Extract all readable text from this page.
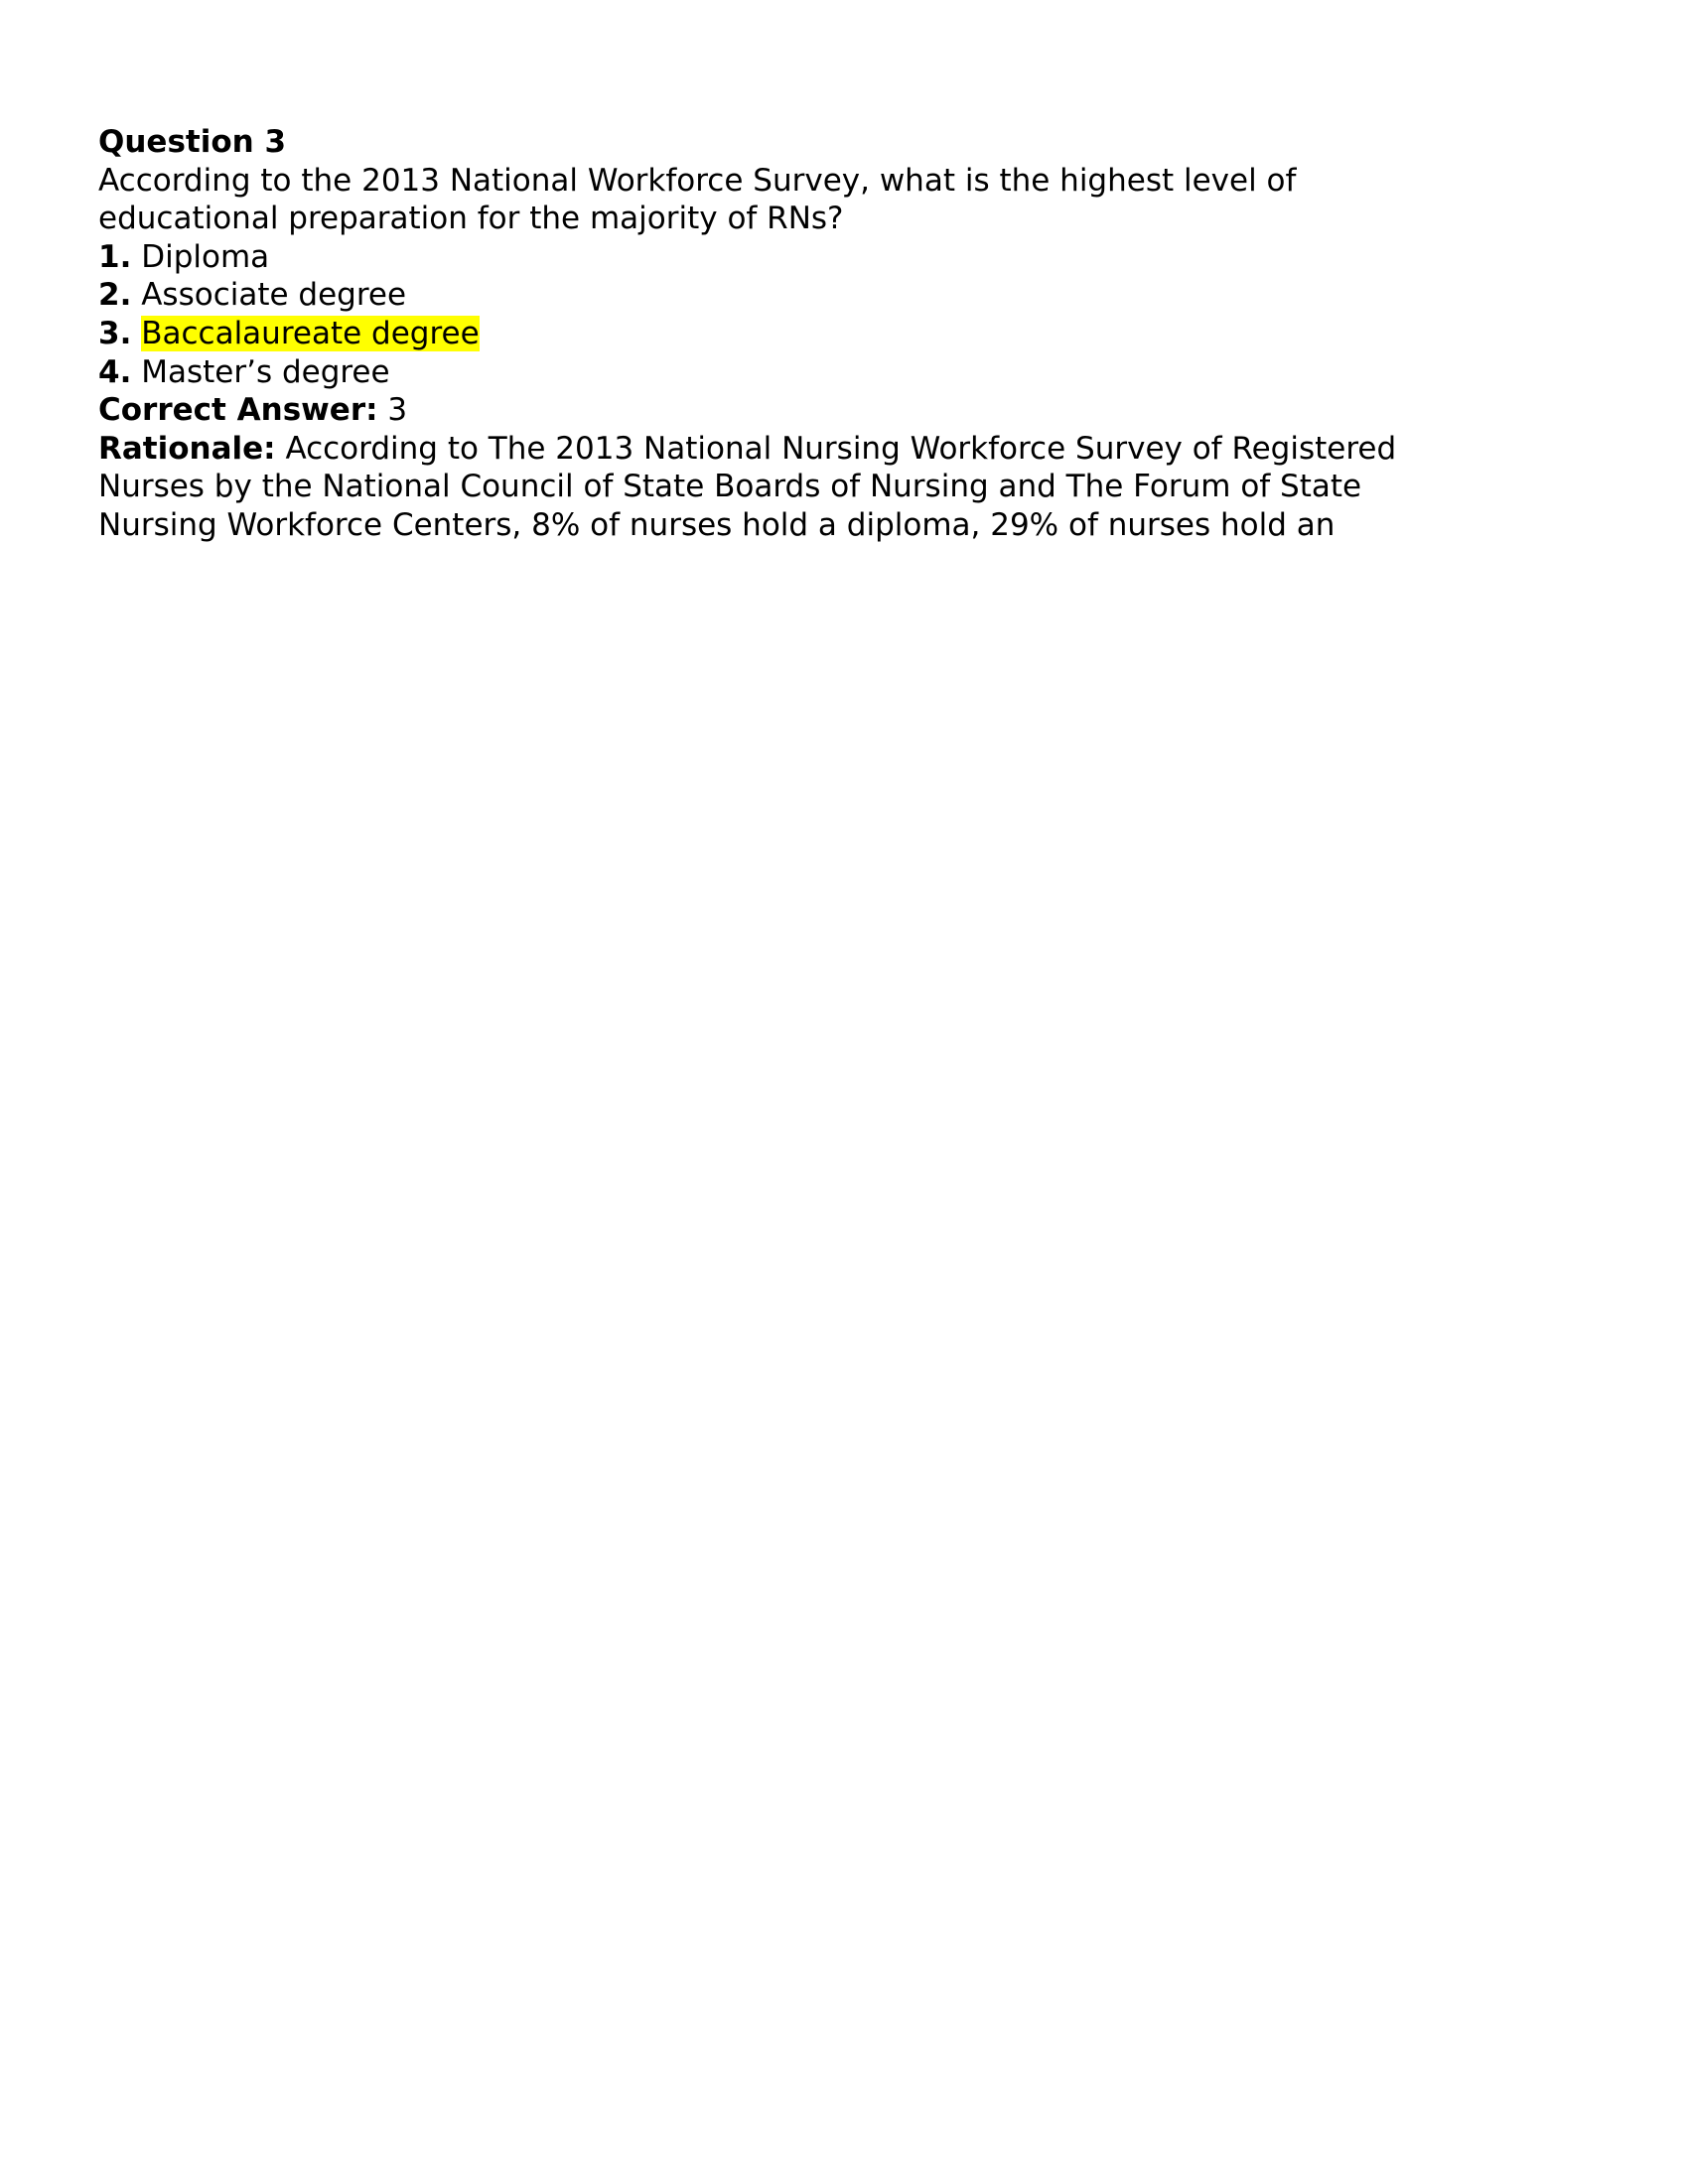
Question 3
According to the 2013 National Workforce Survey, what is the highest level of
educational preparation for the majority of RNs?
1. Diploma
2. Associate degree
3. Baccalaureate degree
4. Master’s degree
Correct Answer: 3
Rationale: According to The 2013 National Nursing Workforce Survey of Registered
Nurses by the National Council of State Boards of Nursing and The Forum of State
Nursing Workforce Centers, 8% of nurses hold a diploma, 29% of nurses hold an
